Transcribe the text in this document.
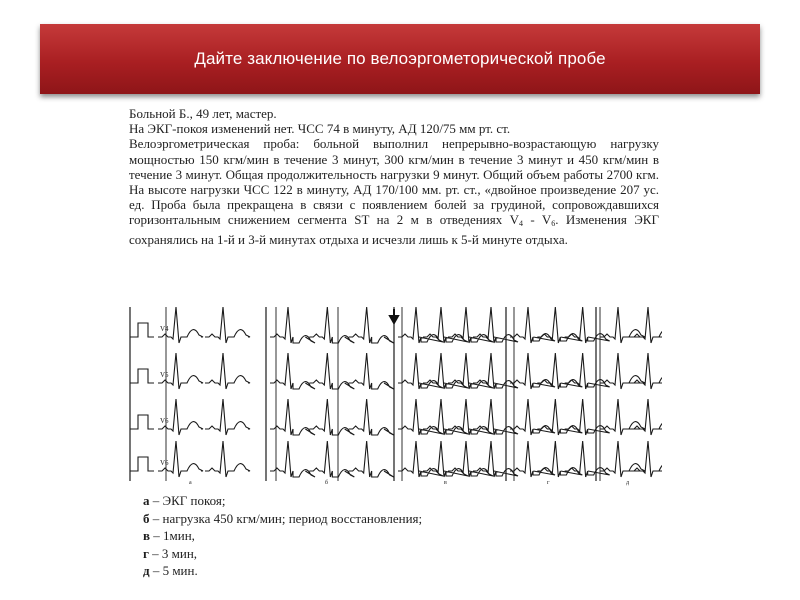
Дайте заключение по велоэргометорической пробе

Больной Б., 49 лет, мастер.

На ЭКГ-покоя изменений нет. ЧСС 74 в минуту, АД 120/75 мм рт. ст.

Велоэргометрическая проба: больной выполнил непрерывно-возрастающую нагрузку мощностью 150 кгм/мин в течение 3 минут, 300 кгм/мин в течение 3 минут и 450 кгм/мин в течение 3 минут. Общая продолжительность нагрузки 9 минут. Общий объем работы 2700 кгм. На высоте нагрузки ЧСС 122 в минуту, АД 170/100 мм. рт. ст., «двойное произведение 207 ус. ед. Проба была прекращена в связи с появлением болей за грудиной, сопровождавшихся горизонтальным снижением сегмента ST на 2 м в отведениях $V_4 - V_6$. Изменения ЭКГ сохранялись на 1-й и 3-й минутах отдыха и исчезли лишь к 5-й минуте отдыха.

V4
V5
V6
V6
а	б	в	г	д
а – ЭКГ покоя;
б – нагрузка 450 кгм/мин; период восстановления;
в – 1мин,
г – 3 мин,
д – 5 мин.
